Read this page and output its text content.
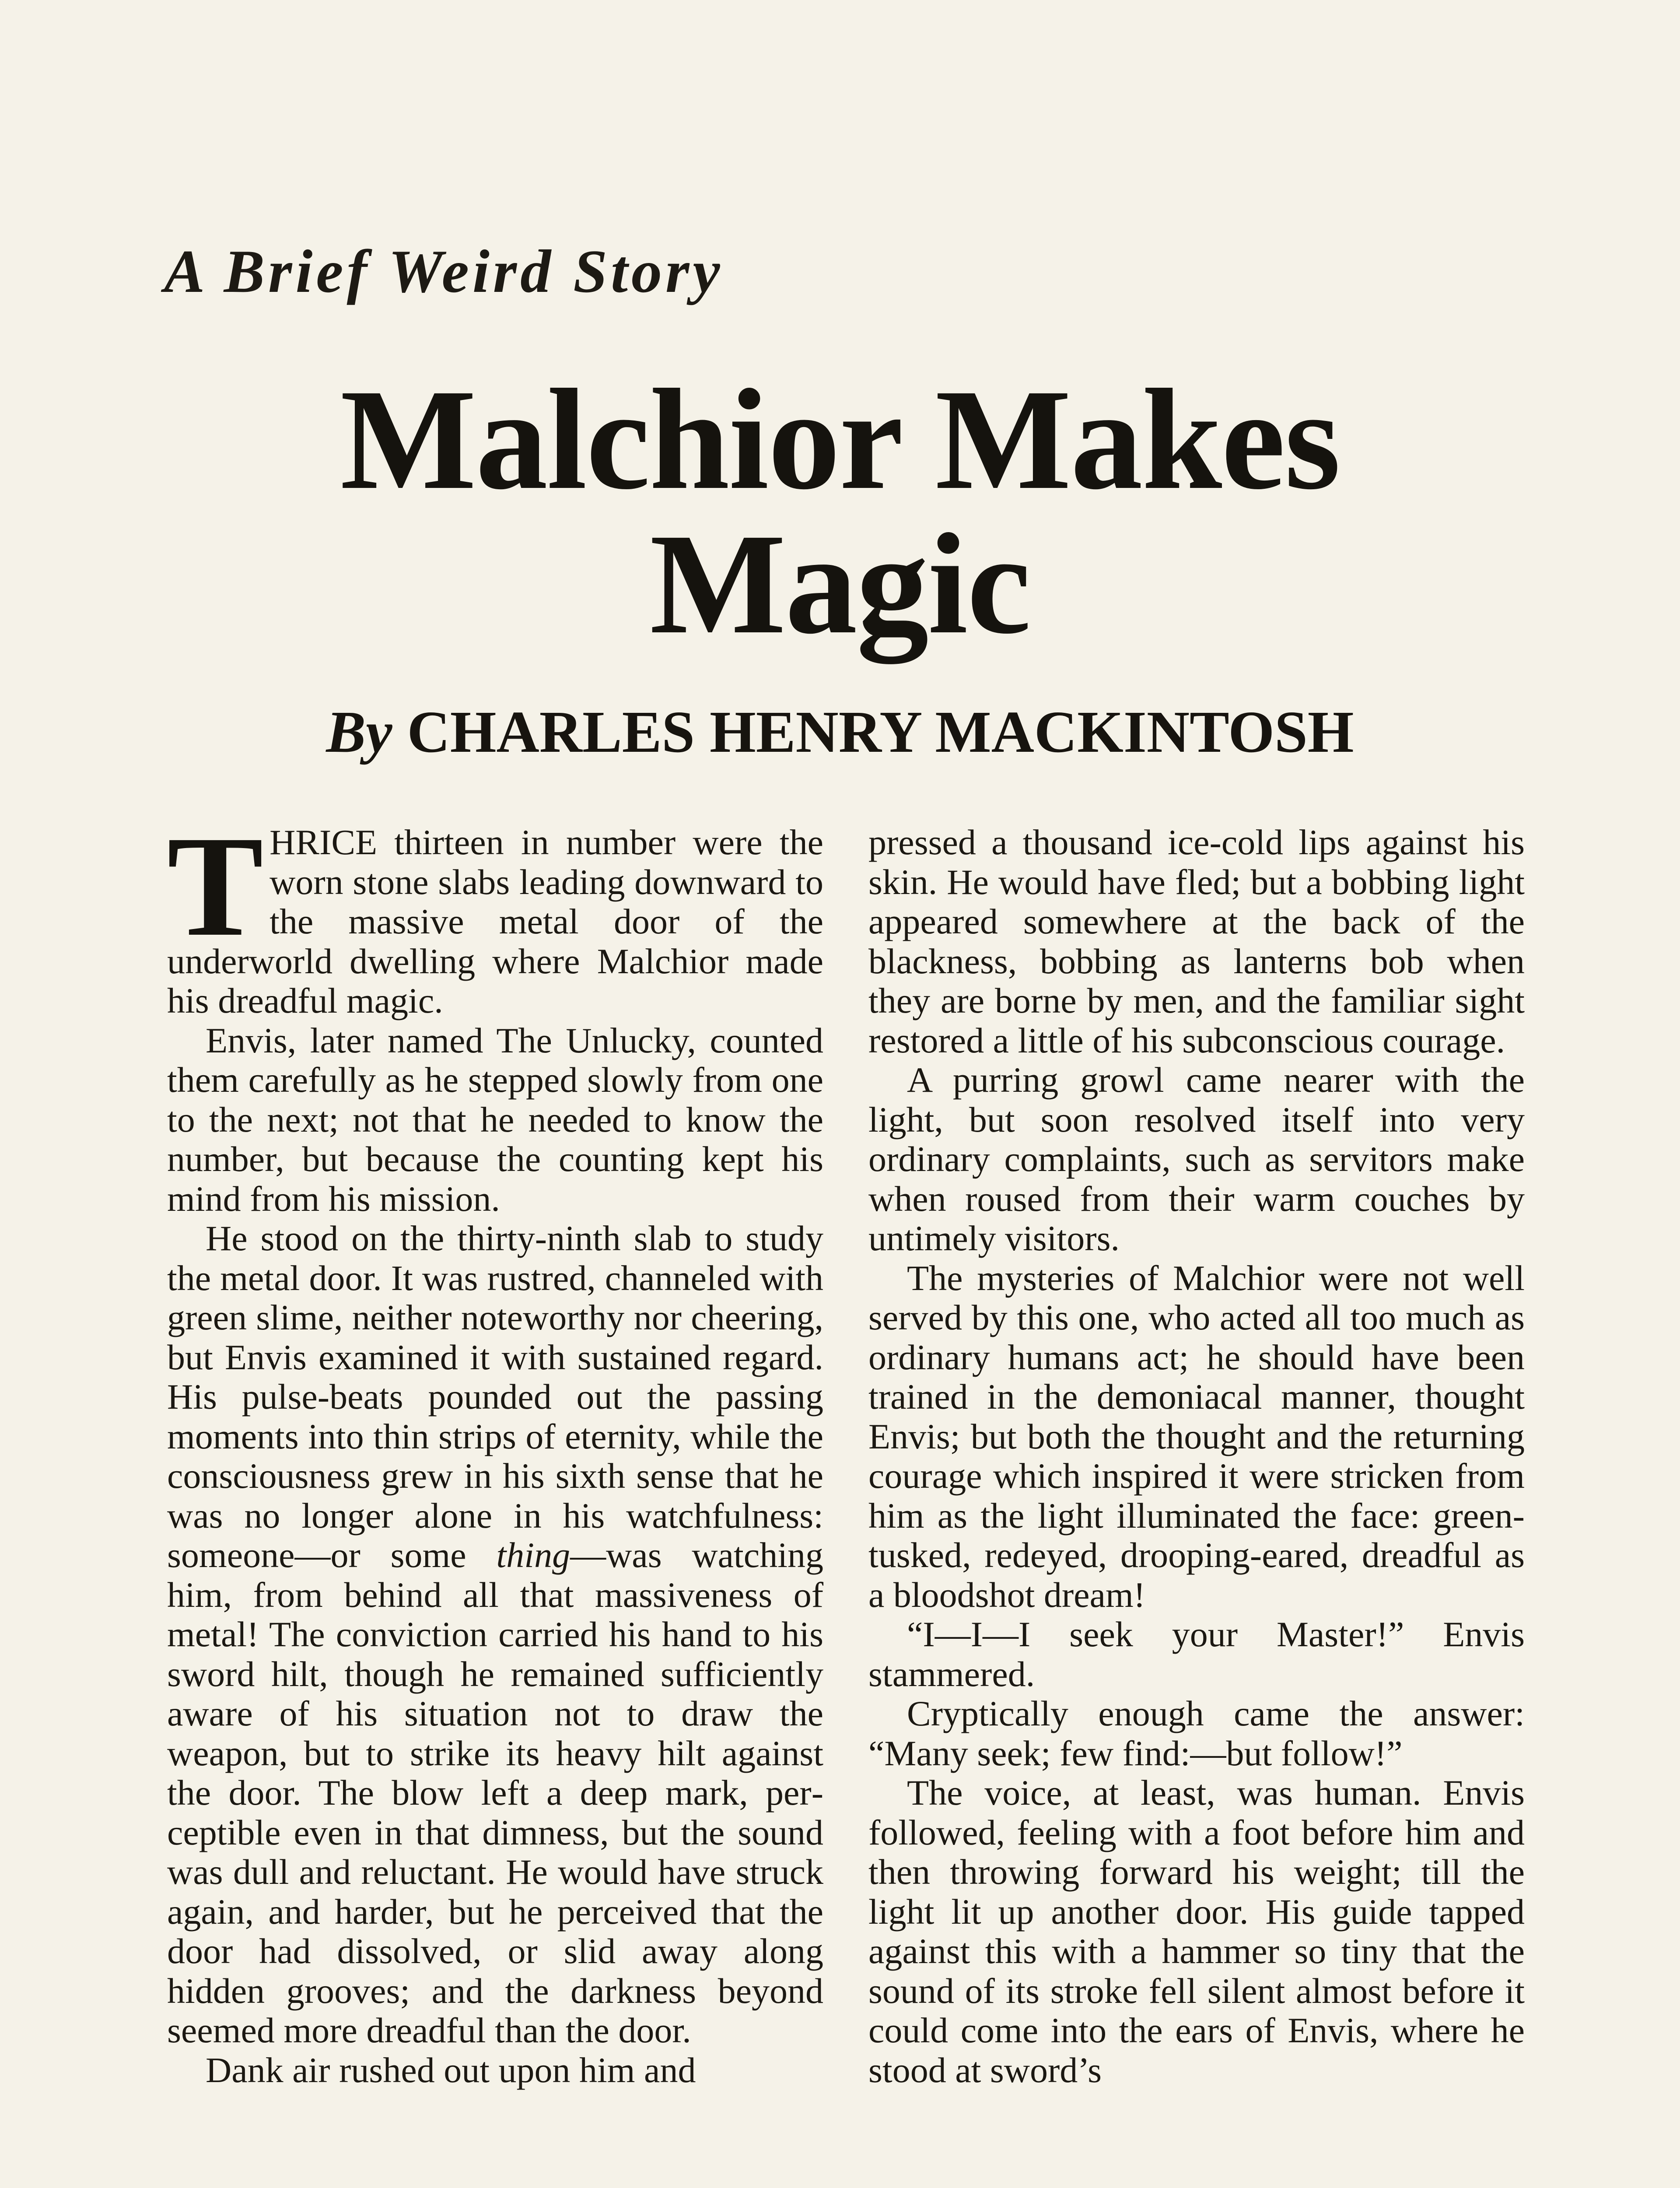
A Brief Weird Story
Malchior Makes
Magic
By CHARLES HENRY MACKINTOSH

THRICE thirteen in number were the worn stone slabs leading downward to the massive metal door of the underworld dwelling where Malchior made his dreadful magic.

Envis, later named The Unlucky, counted them carefully as he stepped slowly from one to the next; not that he needed to know the number, but because the counting kept his mind from his mission.

He stood on the thirty-ninth slab to study the metal door. It was rustred, channeled with green slime, neither noteworthy nor cheering, but Envis examined it with sustained regard. His pulse-beats pounded out the passing moments into thin strips of eternity, while the consciousness grew in his sixth sense that he was no longer alone in his watchfulness: someone—or some thing—was watching him, from behind all that massiveness of metal! The conviction carried his hand to his sword hilt, though he remained sufficiently aware of his situation not to draw the weapon, but to strike its heavy hilt against the door. The blow left a deep mark, perceptible even in that dimness, but the sound was dull and reluctant. He would have struck again, and harder, but he perceived that the door had dissolved, or slid away along hidden grooves; and the darkness beyond seemed more dreadful than the door.

Dank air rushed out upon him and

pressed a thousand ice-cold lips against his skin. He would have fled; but a bobbing light appeared somewhere at the back of the blackness, bobbing as lanterns bob when they are borne by men, and the familiar sight restored a little of his subconscious courage.

A purring growl came nearer with the light, but soon resolved itself into very ordinary complaints, such as servitors make when roused from their warm couches by untimely visitors.

The mysteries of Malchior were not well served by this one, who acted all too much as ordinary humans act; he should have been trained in the demoniacal manner, thought Envis; but both the thought and the returning courage which inspired it were stricken from him as the light illuminated the face: green-tusked, redeyed, drooping-eared, dreadful as a bloodshot dream!

“I—I—I seek your Master!” Envis stammered.

Cryptically enough came the answer: “Many seek; few find:—but follow!”

The voice, at least, was human. Envis followed, feeling with a foot before him and then throwing forward his weight; till the light lit up another door. His guide tapped against this with a hammer so tiny that the sound of its stroke fell silent almost before it could come into the ears of Envis, where he stood at sword’s
